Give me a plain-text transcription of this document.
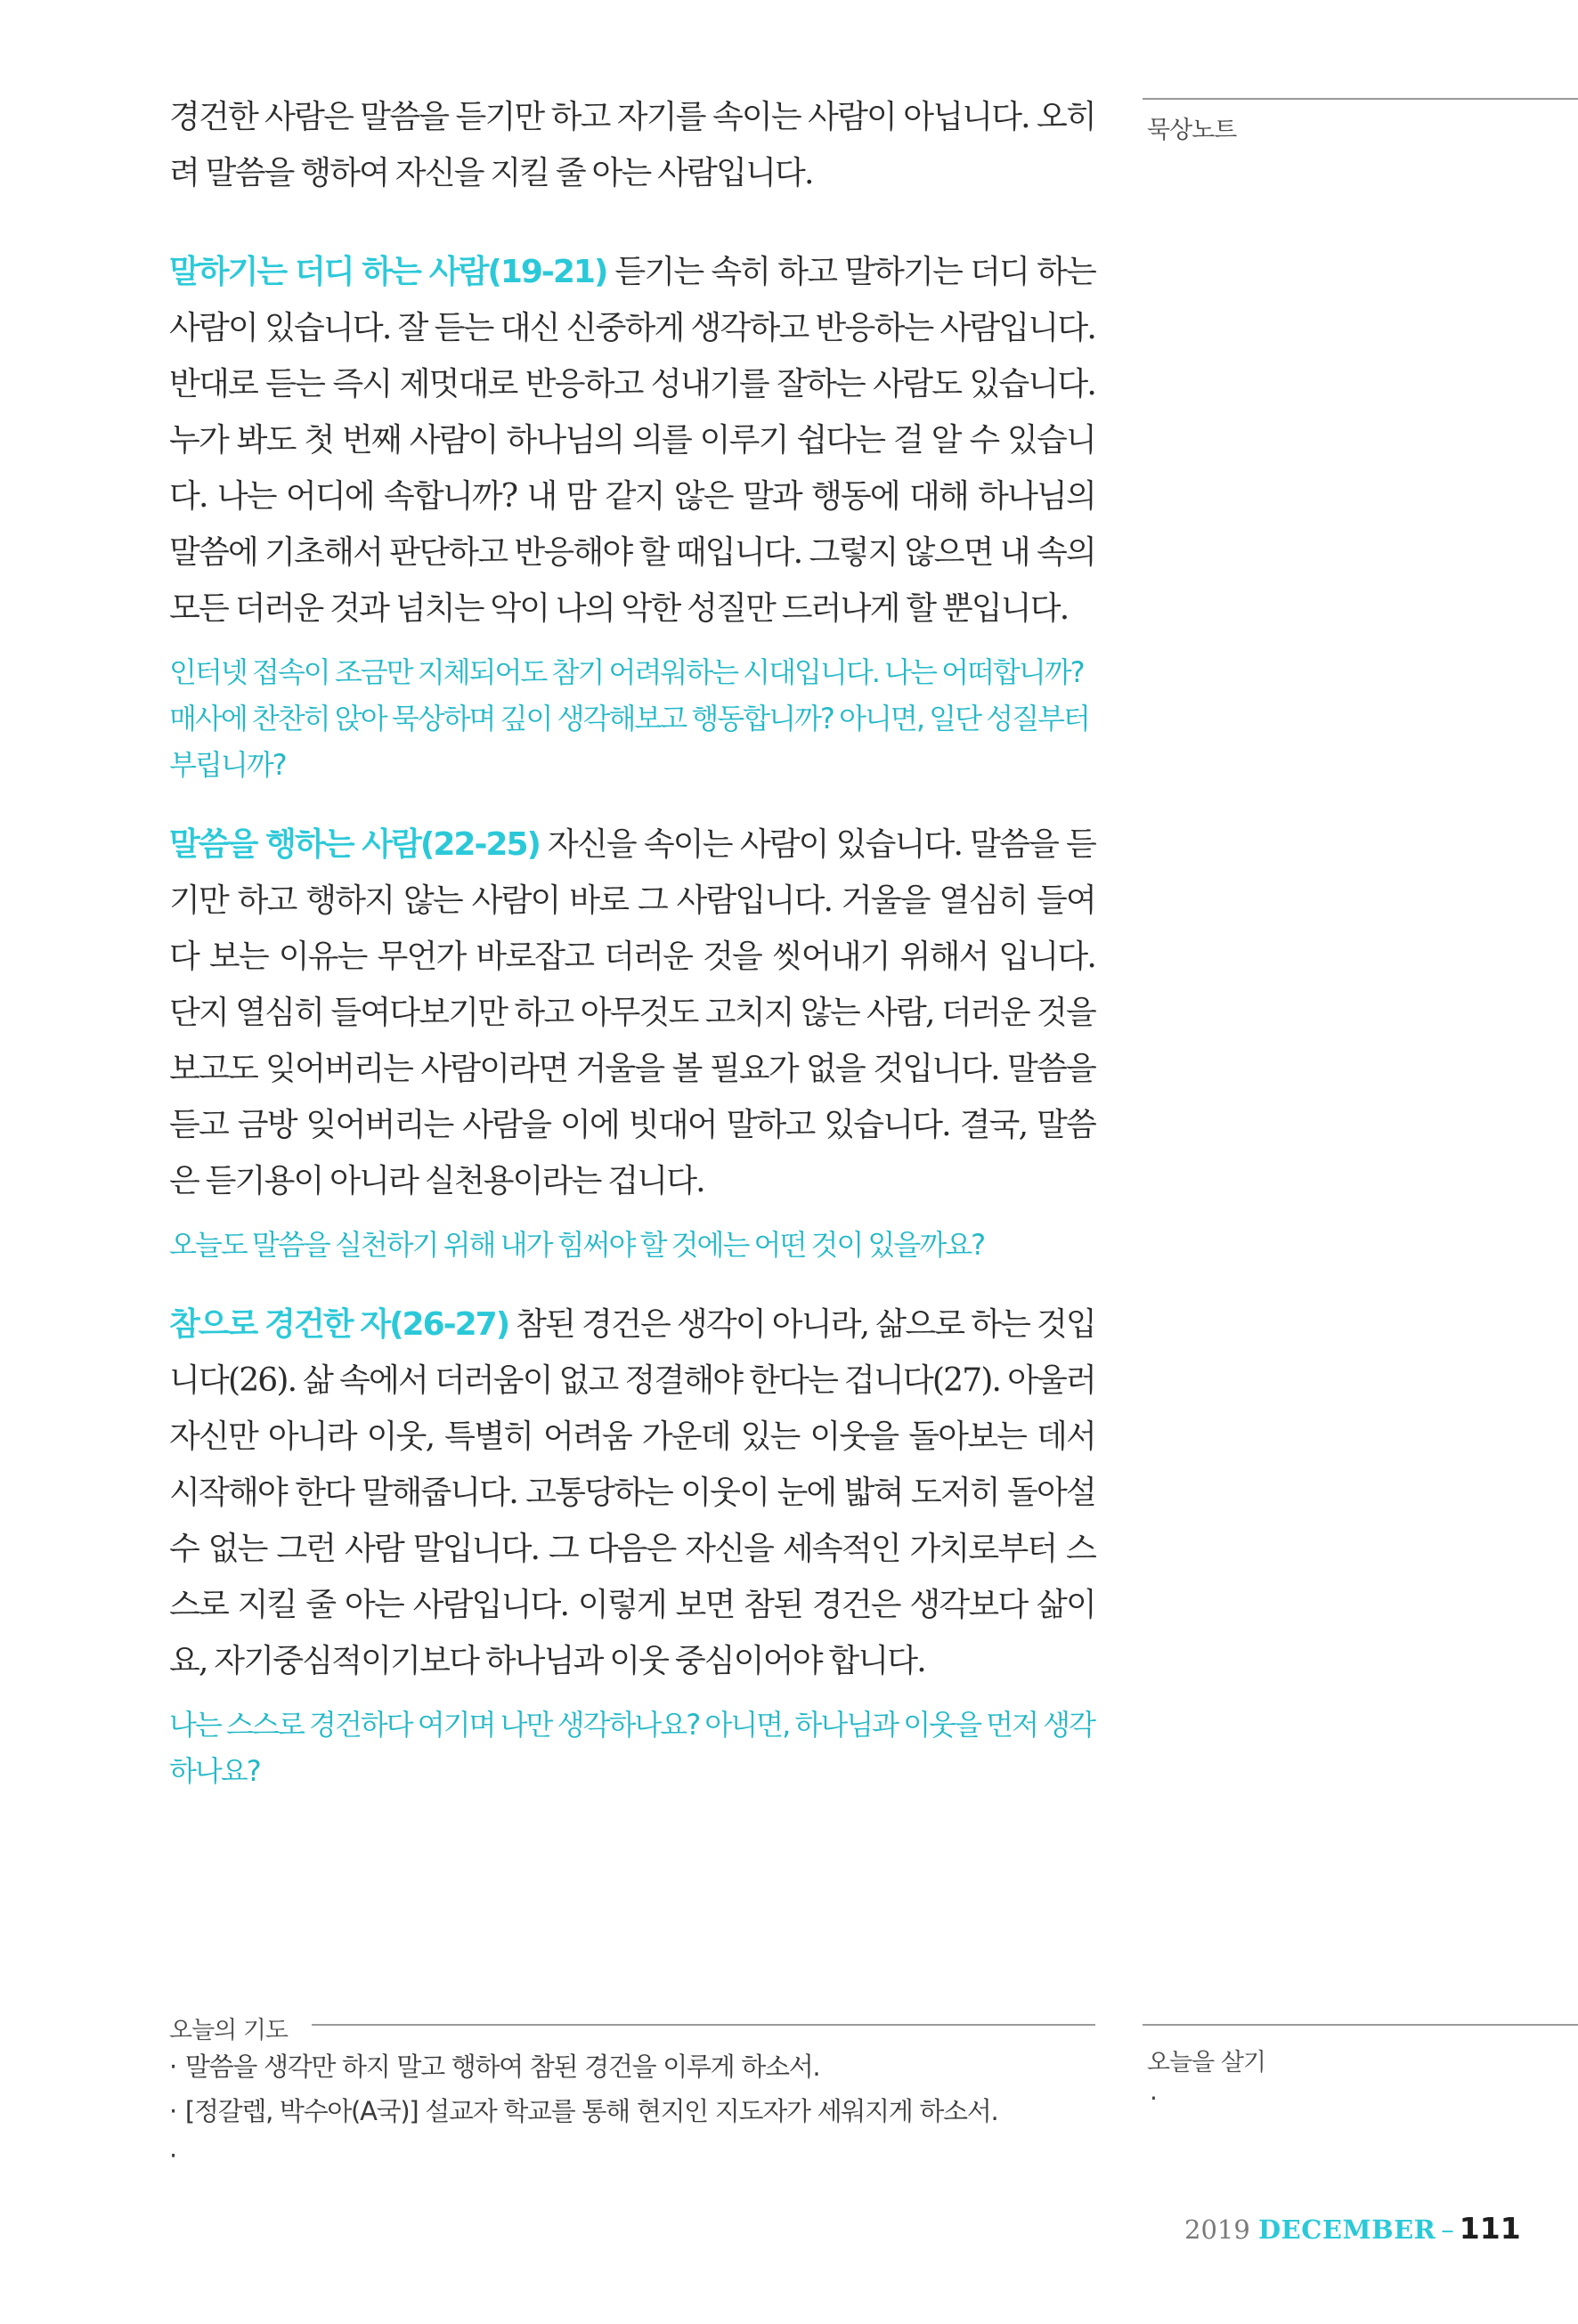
경건한 사람은 말씀을 듣기만 하고 자기를 속이는 사람이 아닙니다. 오히려 말씀을 행하여 자신을 지킬 줄 아는 사람입니다.

말하기는 더디 하는 사람(19-21) 듣기는 속히 하고 말하기는 더디 하는 사람이 있습니다. 잘 듣는 대신 신중하게 생각하고 반응하는 사람입니다. 반대로 듣는 즉시 제멋대로 반응하고 성내기를 잘하는 사람도 있습니다. 누가 봐도 첫 번째 사람이 하나님의 의를 이루기 쉽다는 걸 알 수 있습니다. 나는 어디에 속합니까? 내 맘 같지 않은 말과 행동에 대해 하나님의 말씀에 기초해서 판단하고 반응해야 할 때입니다. 그렇지 않으면 내 속의 모든 더러운 것과 넘치는 악이 나의 악한 성질만 드러나게 할 뿐입니다.

인터넷 접속이 조금만 지체되어도 참기 어려워하는 시대입니다. 나는 어떠합니까? 매사에 찬찬히 앉아 묵상하며 깊이 생각해보고 행동합니까? 아니면, 일단 성질부터 부립니까?

말씀을 행하는 사람(22-25) 자신을 속이는 사람이 있습니다. 말씀을 듣기만 하고 행하지 않는 사람이 바로 그 사람입니다. 거울을 열심히 들여다 보는 이유는 무언가 바로잡고 더러운 것을 씻어내기 위해서 입니다. 단지 열심히 들여다보기만 하고 아무것도 고치지 않는 사람, 더러운 것을 보고도 잊어버리는 사람이라면 거울을 볼 필요가 없을 것입니다. 말씀을 듣고 금방 잊어버리는 사람을 이에 빗대어 말하고 있습니다. 결국, 말씀은 듣기용이 아니라 실천용이라는 겁니다.

오늘도 말씀을 실천하기 위해 내가 힘써야 할 것에는 어떤 것이 있을까요?

참으로 경건한 자(26-27) 참된 경건은 생각이 아니라, 삶으로 하는 것입니다(26). 삶 속에서 더러움이 없고 정결해야 한다는 겁니다(27). 아울러 자신만 아니라 이웃, 특별히 어려움 가운데 있는 이웃을 돌아보는 데서 시작해야 한다 말해줍니다. 고통당하는 이웃이 눈에 밟혀 도저히 돌아설 수 없는 그런 사람 말입니다. 그 다음은 자신을 세속적인 가치로부터 스스로 지킬 줄 아는 사람입니다. 이렇게 보면 참된 경건은 생각보다 삶이요, 자기중심적이기보다 하나님과 이웃 중심이어야 합니다.

나는 스스로 경건하다 여기며 나만 생각하나요? 아니면, 하나님과 이웃을 먼저 생각하나요?

묵상노트
오늘을 살기
·
오늘의 기도
· 말씀을 생각만 하지 말고 행하여 참된 경건을 이루게 하소서.
· [정갈렙, 박수아(A국)] 설교자 학교를 통해 현지인 지도자가 세워지게 하소서.
·
2019 DECEMBER – 111
